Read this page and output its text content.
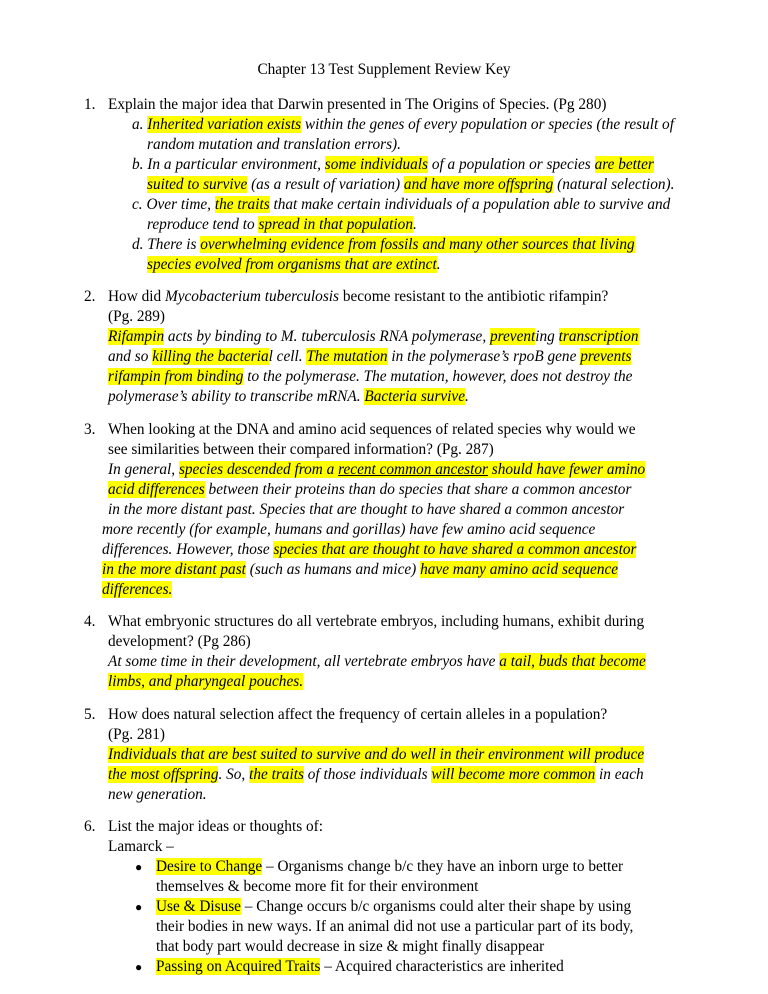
Chapter 13 Test Supplement Review Key
1. Explain the major idea that Darwin presented in The Origins of Species. (Pg 280)
a. Inherited variation exists within the genes of every population or species (the result of
random mutation and translation errors).
b. In a particular environment, some individuals of a population or species are better
suited to survive (as a result of variation) and have more offspring (natural selection).
c. Over time, the traits that make certain individuals of a population able to survive and
reproduce tend to spread in that population.
d. There is overwhelming evidence from fossils and many other sources that living
species evolved from organisms that are extinct.
2. How did Mycobacterium tuberculosis become resistant to the antibiotic rifampin?
(Pg. 289)
Rifampin acts by binding to M. tuberculosis RNA polymerase, preventing transcription
and so killing the bacterial cell. The mutation in the polymerase’s rpoB gene prevents
rifampin from binding to the polymerase. The mutation, however, does not destroy the
polymerase’s ability to transcribe mRNA. Bacteria survive.
3. When looking at the DNA and amino acid sequences of related species why would we
see similarities between their compared information? (Pg. 287)
In general, species descended from a recent common ancestor should have fewer amino
acid differences between their proteins than do species that share a common ancestor
in the more distant past. Species that are thought to have shared a common ancestor
more recently (for example, humans and gorillas) have few amino acid sequence
differences. However, those species that are thought to have shared a common ancestor
in the more distant past (such as humans and mice) have many amino acid sequence
differences.
4. What embryonic structures do all vertebrate embryos, including humans, exhibit during
development? (Pg 286)
At some time in their development, all vertebrate embryos have a tail, buds that become
limbs, and pharyngeal pouches.
5. How does natural selection affect the frequency of certain alleles in a population?
(Pg. 281)
Individuals that are best suited to survive and do well in their environment will produce
the most offspring. So, the traits of those individuals will become more common in each
new generation.
6. List the major ideas or thoughts of:
Lamarck –
● Desire to Change – Organisms change b/c they have an inborn urge to better
themselves & become more fit for their environment
● Use & Disuse – Change occurs b/c organisms could alter their shape by using
their bodies in new ways. If an animal did not use a particular part of its body,
that body part would decrease in size & might finally disappear
● Passing on Acquired Traits – Acquired characteristics are inherited
